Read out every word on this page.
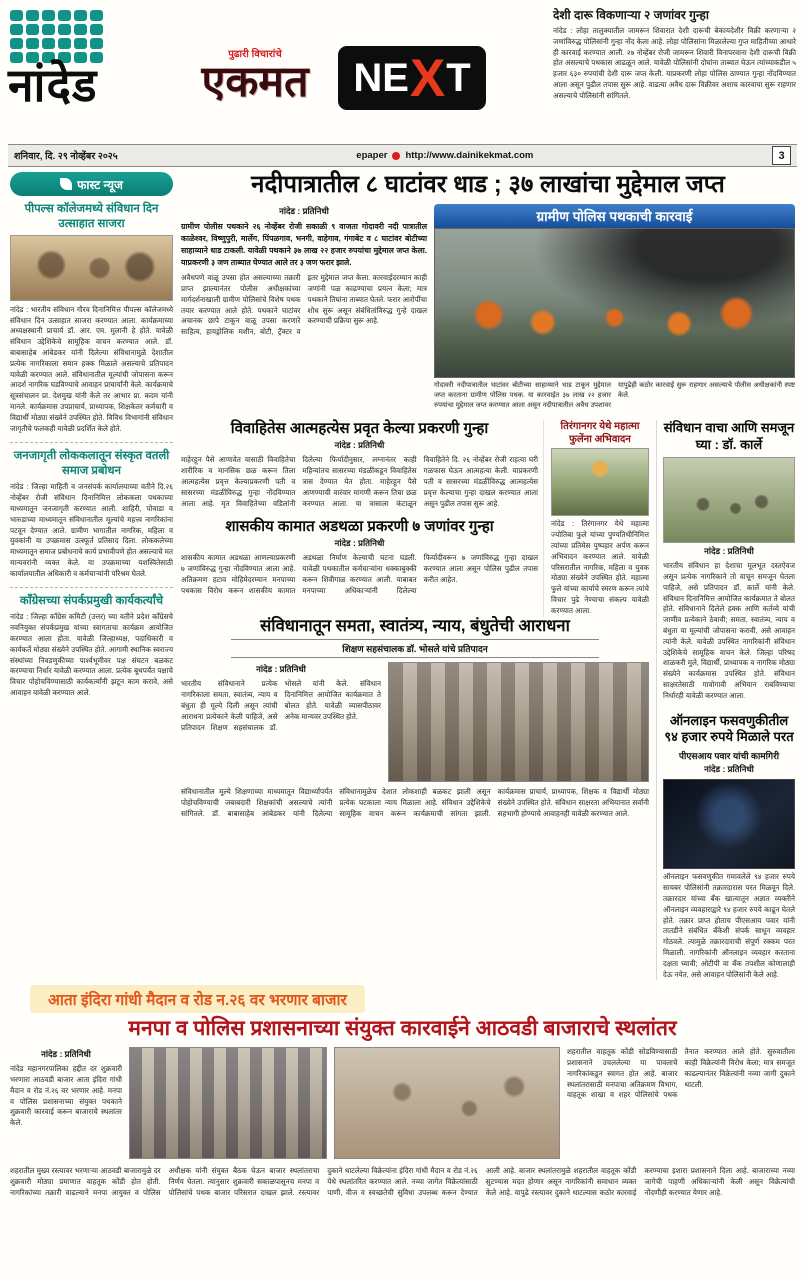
नांदेड
पुढारी विचारांचे
एकमत	N E X T
देशी दारू विकणाऱ्या २ जणांवर गुन्हा

नांदेड : लोहा तालुक्यातील जामरून शिवारात देशी दारूची बेकायदेशीर विक्री करणाऱ्या २ जणांविरुद्ध पोलिसांनी गुन्हा नोंद केला आहे. लोहा पोलिसांना मिळालेल्या गुप्त माहितीच्या आधारे ही कारवाई करण्यात आली. २७ नोव्हेंबर रोजी जामरून शिवारी विनापरवाना देशी दारूची विक्री होत असल्याचे पथकास आढळून आले. यावेळी पोलिसांनी दोघांना ताब्यात घेऊन त्यांच्याकडील ५ हजार ६३० रुपयांची देशी दारू जप्त केली. याप्रकरणी लोहा पोलिस ठाण्यात गुन्हा नोंदविण्यात आला असून पुढील तपास सुरू आहे. वाढत्या अवैध दारू विक्रीवर अशाच कारवाया सुरू राहणार असल्याचे पोलिसांनी सांगितले.

शनिवार, दि. २९ नोव्हेंबर २०२५	epaper http://www.dainikekmat.com	3
फास्ट न्यूज
पीपल्स कॉलेजमध्ये संविधान दिन उत्साहात साजरा

नांदेड : भारतीय संविधान गौरव दिनानिमित्त पीपल्स कॉलेजमध्ये संविधान दिन उत्साहात साजरा करण्यात आला. कार्यक्रमाच्या अध्यक्षस्थानी प्राचार्य डॉ. आर. एम. मुलानी हे होते. यावेळी संविधान उद्देशिकेचे सामूहिक वाचन करण्यात आले. डॉ. बाबासाहेब आंबेडकर यांनी दिलेल्या संविधानामुळे देशातील प्रत्येक नागरिकाला समान हक्क मिळाले असल्याचे प्रतिपादन यावेळी करण्यात आले. संविधानातील मूल्यांची जोपासना करून आदर्श नागरिक घडविण्याचे आवाहन प्राचार्यांनी केले. कार्यक्रमाचे सूत्रसंचालन प्रा. देशमुख यांनी केले तर आभार प्रा. कदम यांनी मानले. कार्यक्रमास उपप्राचार्य, प्राध्यापक, शिक्षकेतर कर्मचारी व विद्यार्थी मोठ्या संख्येने उपस्थित होते. विविध विभागांनी संविधान जागृतीचे फलकही यावेळी प्रदर्शित केले होते.

जनजागृती लोककलातून संस्कृत वतली समाज प्रबोधन

नांदेड : जिल्हा माहिती व जनसंपर्क कार्यालयाच्या वतीने दि.२६ नोव्हेंबर रोजी संविधान दिनानिमित्त लोककला पथकाच्या माध्यमातून जनजागृती करण्यात आली. शाहिरी, पोवाडा व भारुडाच्या माध्यमातून संविधानातील मूल्यांचे महत्त्व नागरिकांना पटवून देण्यात आले. ग्रामीण भागातील नागरिक, महिला व युवकांनी या उपक्रमास उत्स्फूर्त प्रतिसाद दिला. लोककलेच्या माध्यमातून समाज प्रबोधनाचे कार्य प्रभावीपणे होत असल्याचे मत मान्यवरांनी व्यक्त केले. या उपक्रमाच्या यशस्वितेसाठी कार्यालयातील अधिकारी व कर्मचाऱ्यांनी परिश्रम घेतले.

काँग्रेसच्या संपर्कप्रमुखी कार्यकर्त्यांचे

नांदेड : जिल्हा काँग्रेस कमिटी (उत्तर) च्या वतीने प्रदेश काँग्रेसचे नवनियुक्त संपर्कप्रमुख यांच्या स्वागताचा कार्यक्रम आयोजित करण्यात आला होता. यावेळी जिल्हाध्यक्ष, पदाधिकारी व कार्यकर्ते मोठ्या संख्येने उपस्थित होते. आगामी स्थानिक स्वराज्य संस्थांच्या निवडणुकीच्या पार्श्वभूमीवर पक्ष संघटन बळकट करण्याचा निर्धार यावेळी करण्यात आला. प्रत्येक बूथपर्यंत पक्षाचे विचार पोहोचविण्यासाठी कार्यकर्त्यांनी झटून काम करावे, असे आवाहन यावेळी करण्यात आले.

नदीपात्रातील ८ घाटांवर धाड ; ३७ लाखांचा मुद्देमाल जप्त
नांदेड : प्रतिनिधी

ग्रामीण पोलीस पथकाने २६ नोव्हेंबर रोजी सकाळी ९ वाजता गोदावरी नदी पात्रातील काळेश्वर, विष्णुपुरी, मार्लेग, पिंपळगाव, भनगी, वाहेगाव, गंगाबेट व ८ घाटांवर बोटीच्या साहाय्याने धाड टाकली. यावेळी पथकाने ३७ लाख २२ हजार रुपयांचा मुद्देमाल जप्त केला. याप्रकरणी ३ जण ताब्यात घेण्यात आले तर ३ जण फरार झाले.

अवैधपणे वाळू उपसा होत असल्याच्या तक्रारी प्राप्त झाल्यानंतर पोलीस अधीक्षकांच्या मार्गदर्शनाखाली ग्रामीण पोलिसांचे विशेष पथक तयार करण्यात आले होते. पथकाने घाटांवर अचानक छापे टाकून वाळू उपसा करणारे साहित्य, हायड्रोलिक मशीन, बोटी, ट्रॅक्टर व इतर मुद्देमाल जप्त केला. कारवाईदरम्यान काही जणांनी पळ काढण्याचा प्रयत्न केला; मात्र पथकाने तिघांना ताब्यात घेतले. फरार आरोपींचा शोध सुरू असून संबंधितांविरुद्ध गुन्हे दाखल करण्याची प्रक्रिया सुरू आहे.

ग्रामीण पोलिस पथकाची कारवाई

गोदावरी नदीपात्रातील घाटांवर बोटीच्या साहाय्याने धाड टाकून मुद्देमाल जप्त करताना ग्रामीण पोलिस पथक. या कारवाईत ३७ लाख २२ हजार रुपयांचा मुद्देमाल जप्त करण्यात आला असून नदीपात्रातील अवैध उपशावर यापुढेही कठोर कारवाई सुरू राहणार असल्याचे पोलीस अधीक्षकांनी स्पष्ट केले.

विवाहितेस आत्महत्येस प्रवृत केल्या प्रकरणी गुन्हा
नांदेड : प्रतिनिधी

माहेरहून पैसे आणावेत यासाठी विवाहितेचा शारीरिक व मानसिक छळ करून तिला आत्महत्येस प्रवृत्त केल्याप्रकरणी पती व सासरच्या मंडळींविरुद्ध गुन्हा नोंदविण्यात आला आहे. मृत विवाहितेच्या वडिलांनी दिलेल्या फिर्यादीनुसार, लग्नानंतर काही महिन्यांतच सासरच्या मंडळींकडून विवाहितेस त्रास देण्यात येत होता. माहेरहून पैसे आणण्याची वारंवार मागणी करून तिचा छळ करण्यात आला. या त्रासाला कंटाळून विवाहितेने दि. २६ नोव्हेंबर रोजी राहत्या घरी गळफास घेऊन आत्महत्या केली. याप्रकरणी पती व सासरच्या मंडळींविरुद्ध आत्महत्येस प्रवृत्त केल्याचा गुन्हा दाखल करण्यात आला असून पुढील तपास सुरू आहे.

शासकीय कामात अडथळा प्रकरणी ७ जणांवर गुन्हा
नांदेड : प्रतिनिधी

शासकीय कामात अडथळा आणल्याप्रकरणी ७ जणांविरुद्ध गुन्हा नोंदविण्यात आला आहे. अतिक्रमण हटाव मोहिमेदरम्यान मनपाच्या पथकास विरोध करून शासकीय कामात अडथळा निर्माण केल्याची घटना घडली. यावेळी पथकातील कर्मचाऱ्यांना धक्काबुक्की करून शिवीगाळ करण्यात आली. याबाबत मनपाच्या अधिकाऱ्यांनी दिलेल्या फिर्यादीवरून ७ जणांविरुद्ध गुन्हा दाखल करण्यात आला असून पोलिस पुढील तपास करीत आहेत.

तिरंगानगर येथे महात्मा फुलेंना अभिवादन

नांदेड : तिरंगानगर येथे महात्मा ज्योतिबा फुले यांच्या पुण्यतिथीनिमित्त त्यांच्या प्रतिमेस पुष्पहार अर्पण करून अभिवादन करण्यात आले. यावेळी परिसरातील नागरिक, महिला व युवक मोठ्या संख्येने उपस्थित होते. महात्मा फुले यांच्या कार्याचे स्मरण करून त्यांचे विचार पुढे नेण्याचा संकल्प यावेळी करण्यात आला.

संविधानातून समता, स्वातंत्र्य, न्याय, बंधुतेची आराधना
शिक्षण सहसंचालक डॉ. भोसले यांचे प्रतिपादन
नांदेड : प्रतिनिधी

भारतीय संविधानाने प्रत्येक नागरिकाला समता, स्वातंत्र्य, न्याय व बंधुता ही मूल्ये दिली असून त्यांची आराधना प्रत्येकाने केली पाहिजे, असे प्रतिपादन शिक्षण सहसंचालक डॉ. भोसले यांनी केले. संविधान दिनानिमित्त आयोजित कार्यक्रमात ते बोलत होते. यावेळी व्यासपीठावर अनेक मान्यवर उपस्थित होते.

संविधानातील मूल्ये शिक्षणाच्या माध्यमातून विद्यार्थ्यांपर्यंत पोहोचविण्याची जबाबदारी शिक्षकांची असल्याचे त्यांनी सांगितले. डॉ. बाबासाहेब आंबेडकर यांनी दिलेल्या संविधानामुळेच देशात लोकशाही बळकट झाली असून प्रत्येक घटकाला न्याय मिळाला आहे. संविधान उद्देशिकेचे सामूहिक वाचन करून कार्यक्रमाची सांगता झाली. कार्यक्रमास प्राचार्य, प्राध्यापक, शिक्षक व विद्यार्थी मोठ्या संख्येने उपस्थित होते. संविधान साक्षरता अभियानात सर्वांनी सहभागी होण्याचे आवाहनही यावेळी करण्यात आले.

संविधान वाचा आणि समजून घ्या : डॉ. कार्ले
नांदेड : प्रतिनिधी

भारतीय संविधान हा देशाचा मूलभूत दस्तऐवज असून प्रत्येक नागरिकाने तो वाचून समजून घेतला पाहिजे, असे प्रतिपादन डॉ. कार्ले यांनी केले. संविधान दिनानिमित्त आयोजित कार्यक्रमात ते बोलत होते. संविधानाने दिलेले हक्क आणि कर्तव्ये यांची जाणीव प्रत्येकाने ठेवावी; समता, स्वातंत्र्य, न्याय व बंधुता या मूल्यांची जोपासना करावी, असे आवाहन त्यांनी केले. यावेळी उपस्थित नागरिकांनी संविधान उद्देशिकेचे सामूहिक वाचन केले. जिल्हा परिषद शाळकरी मुले, विद्यार्थी, प्राध्यापक व नागरिक मोठ्या संख्येने कार्यक्रमास उपस्थित होते. संविधान साक्षरतेसाठी गावोगावी अभियान राबविण्याचा निर्धारही यावेळी करण्यात आला.

ऑनलाइन फसवणुकीतील ९४ हजार रुपये मिळाले परत
पीएसआय पवार यांची कामगिरी
नांदेड : प्रतिनिधी

ऑनलाइन फसवणुकीत गमावलेले ९४ हजार रुपये सायबर पोलिसांनी तक्रारदारास परत मिळवून दिले. तक्रारदार यांच्या बँक खात्यातून अज्ञात व्यक्तीने ऑनलाइन व्यवहाराद्वारे ९४ हजार रुपये काढून घेतले होते. तक्रार प्राप्त होताच पीएसआय पवार यांनी तातडीने संबंधित बँकेशी संपर्क साधून व्यवहार गोठवले. त्यामुळे तक्रारदाराची संपूर्ण रक्कम परत मिळाली. नागरिकांनी ऑनलाइन व्यवहार करताना दक्षता घ्यावी; ओटीपी वा बँक तपशील कोणालाही देऊ नयेत, असे आवाहन पोलिसांनी केले आहे.

आता इंदिरा गांधी मैदान व रोड न.२६ वर भरणार बाजार
मनपा व पोलिस प्रशासनाच्या संयुक्त कारवाईने आठवडी बाजाराचे स्थलांतर
नांदेड : प्रतिनिधी

नांदेड महानगरपालिका हद्दीत दर शुक्रवारी भरणारा आठवडी बाजार आता इंदिरा गांधी मैदान व रोड नं.२६ वर भरणार आहे. मनपा व पोलिस प्रशासनाच्या संयुक्त पथकाने शुक्रवारी कारवाई करून बाजाराचे स्थलांतर केले.

शहरातील वाहतूक कोंडी सोडविण्यासाठी प्रशासनाने उचललेल्या या पावलाचे नागरिकांकडून स्वागत होत आहे. बाजार स्थलांतरासाठी मनपाचा अतिक्रमण विभाग, वाहतूक शाखा व शहर पोलिसांचे पथक तैनात करण्यात आले होते. सुरुवातीला काही विक्रेत्यांनी विरोध केला; मात्र समजूत काढल्यानंतर विक्रेत्यांनी नव्या जागी दुकाने थाटली.

शहरातील मुख्य रस्त्यावर भरणाऱ्या आठवडी बाजारामुळे दर शुक्रवारी मोठ्या प्रमाणात वाहतूक कोंडी होत होती. नागरिकांच्या तक्रारी वाढल्याने मनपा आयुक्त व पोलिस अधीक्षक यांनी संयुक्त बैठक घेऊन बाजार स्थलांतराचा निर्णय घेतला. त्यानुसार शुक्रवारी सकाळपासूनच मनपा व पोलिसांचे पथक बाजार परिसरात दाखल झाले. रस्त्यावर दुकाने थाटलेल्या विक्रेत्यांना इंदिरा गांधी मैदान व रोड नं.२६ येथे स्थलांतरित करण्यात आले. नव्या जागेत विक्रेत्यांसाठी पाणी, वीज व स्वच्छतेची सुविधा उपलब्ध करून देण्यात आली आहे. बाजार स्थलांतरामुळे शहरातील वाहतूक कोंडी सुटण्यास मदत होणार असून नागरिकांनी समाधान व्यक्त केले आहे. यापुढे रस्त्यावर दुकाने थाटल्यास कठोर कारवाई करण्याचा इशारा प्रशासनाने दिला आहे. बाजाराच्या नव्या जागेची पाहणी अधिकाऱ्यांनी केली असून विक्रेत्यांची नोंदणीही करण्यात येणार आहे.
